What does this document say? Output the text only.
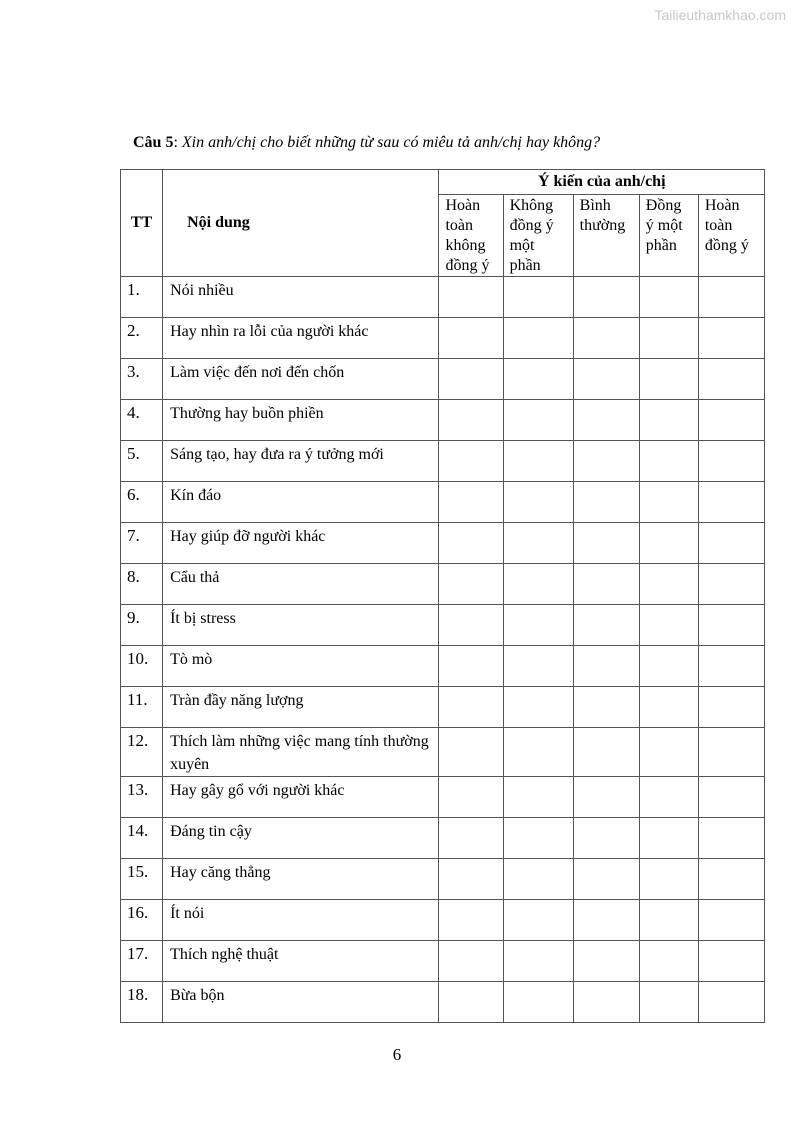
Tailieuthamkhao.com
Câu 5: Xin anh/chị cho biết những từ sau có miêu tả anh/chị hay không?
TT	Nội dung	Ý kiến của anh/chị				
		Hoàn toàn không đồng ý	Không đồng ý một phần	Bình thường	Đồng ý một phần	Hoàn toàn đồng ý
1.	Nói nhiều					
2.	Hay nhìn ra lỗi của người khác					
3.	Làm việc đến nơi đến chốn					
4.	Thường hay buồn phiền					
5.	Sáng tạo, hay đưa ra ý tưởng mới					
6.	Kín đáo					
7.	Hay giúp đỡ người khác					
8.	Cẩu thả					
9.	Ít bị stress					
10.	Tò mò					
11.	Tràn đầy năng lượng					
12.	Thích làm những việc mang tính thường xuyên					
13.	Hay gây gổ với người khác					
14.	Đáng tin cậy					
15.	Hay căng thẳng					
16.	Ít nói					
17.	Thích nghệ thuật					
18.	Bừa bộn					
6
